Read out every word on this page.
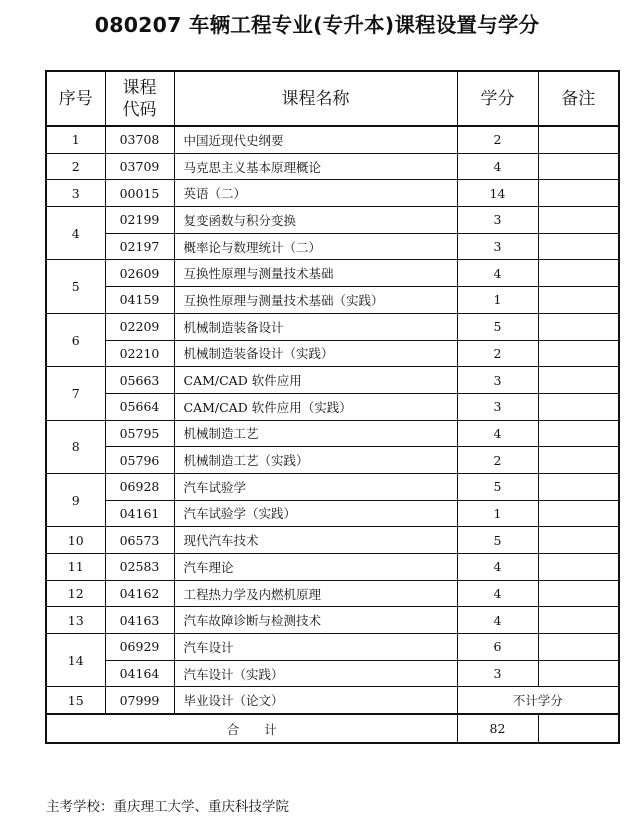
080207 车辆工程专业(专升本)课程设置与学分
序号	课程代码	课程名称	学分	备注
1	03708	中国近现代史纲要	2	
2	03709	马克思主义基本原理概论	4	
3	00015	英语（二）	14	
4	02199	复变函数与积分变换	3	
	02197	概率论与数理统计（二）	3	
5	02609	互换性原理与测量技术基础	4	
	04159	互换性原理与测量技术基础（实践）	1	
6	02209	机械制造装备设计	5	
	02210	机械制造装备设计（实践）	2	
7	05663	CAM/CAD 软件应用	3	
	05664	CAM/CAD 软件应用（实践）	3	
8	05795	机械制造工艺	4	
	05796	机械制造工艺（实践）	2	
9	06928	汽车试验学	5	
	04161	汽车试验学（实践）	1	
10	06573	现代汽车技术	5	
11	02583	汽车理论	4	
12	04162	工程热力学及内燃机原理	4	
13	04163	汽车故障诊断与检测技术	4	
14	06929	汽车设计	6	
	04164	汽车设计（实践）	3	
15	07999	毕业设计（论文）	不计学分	
合　　计			82	
主考学校：重庆理工大学、重庆科技学院
